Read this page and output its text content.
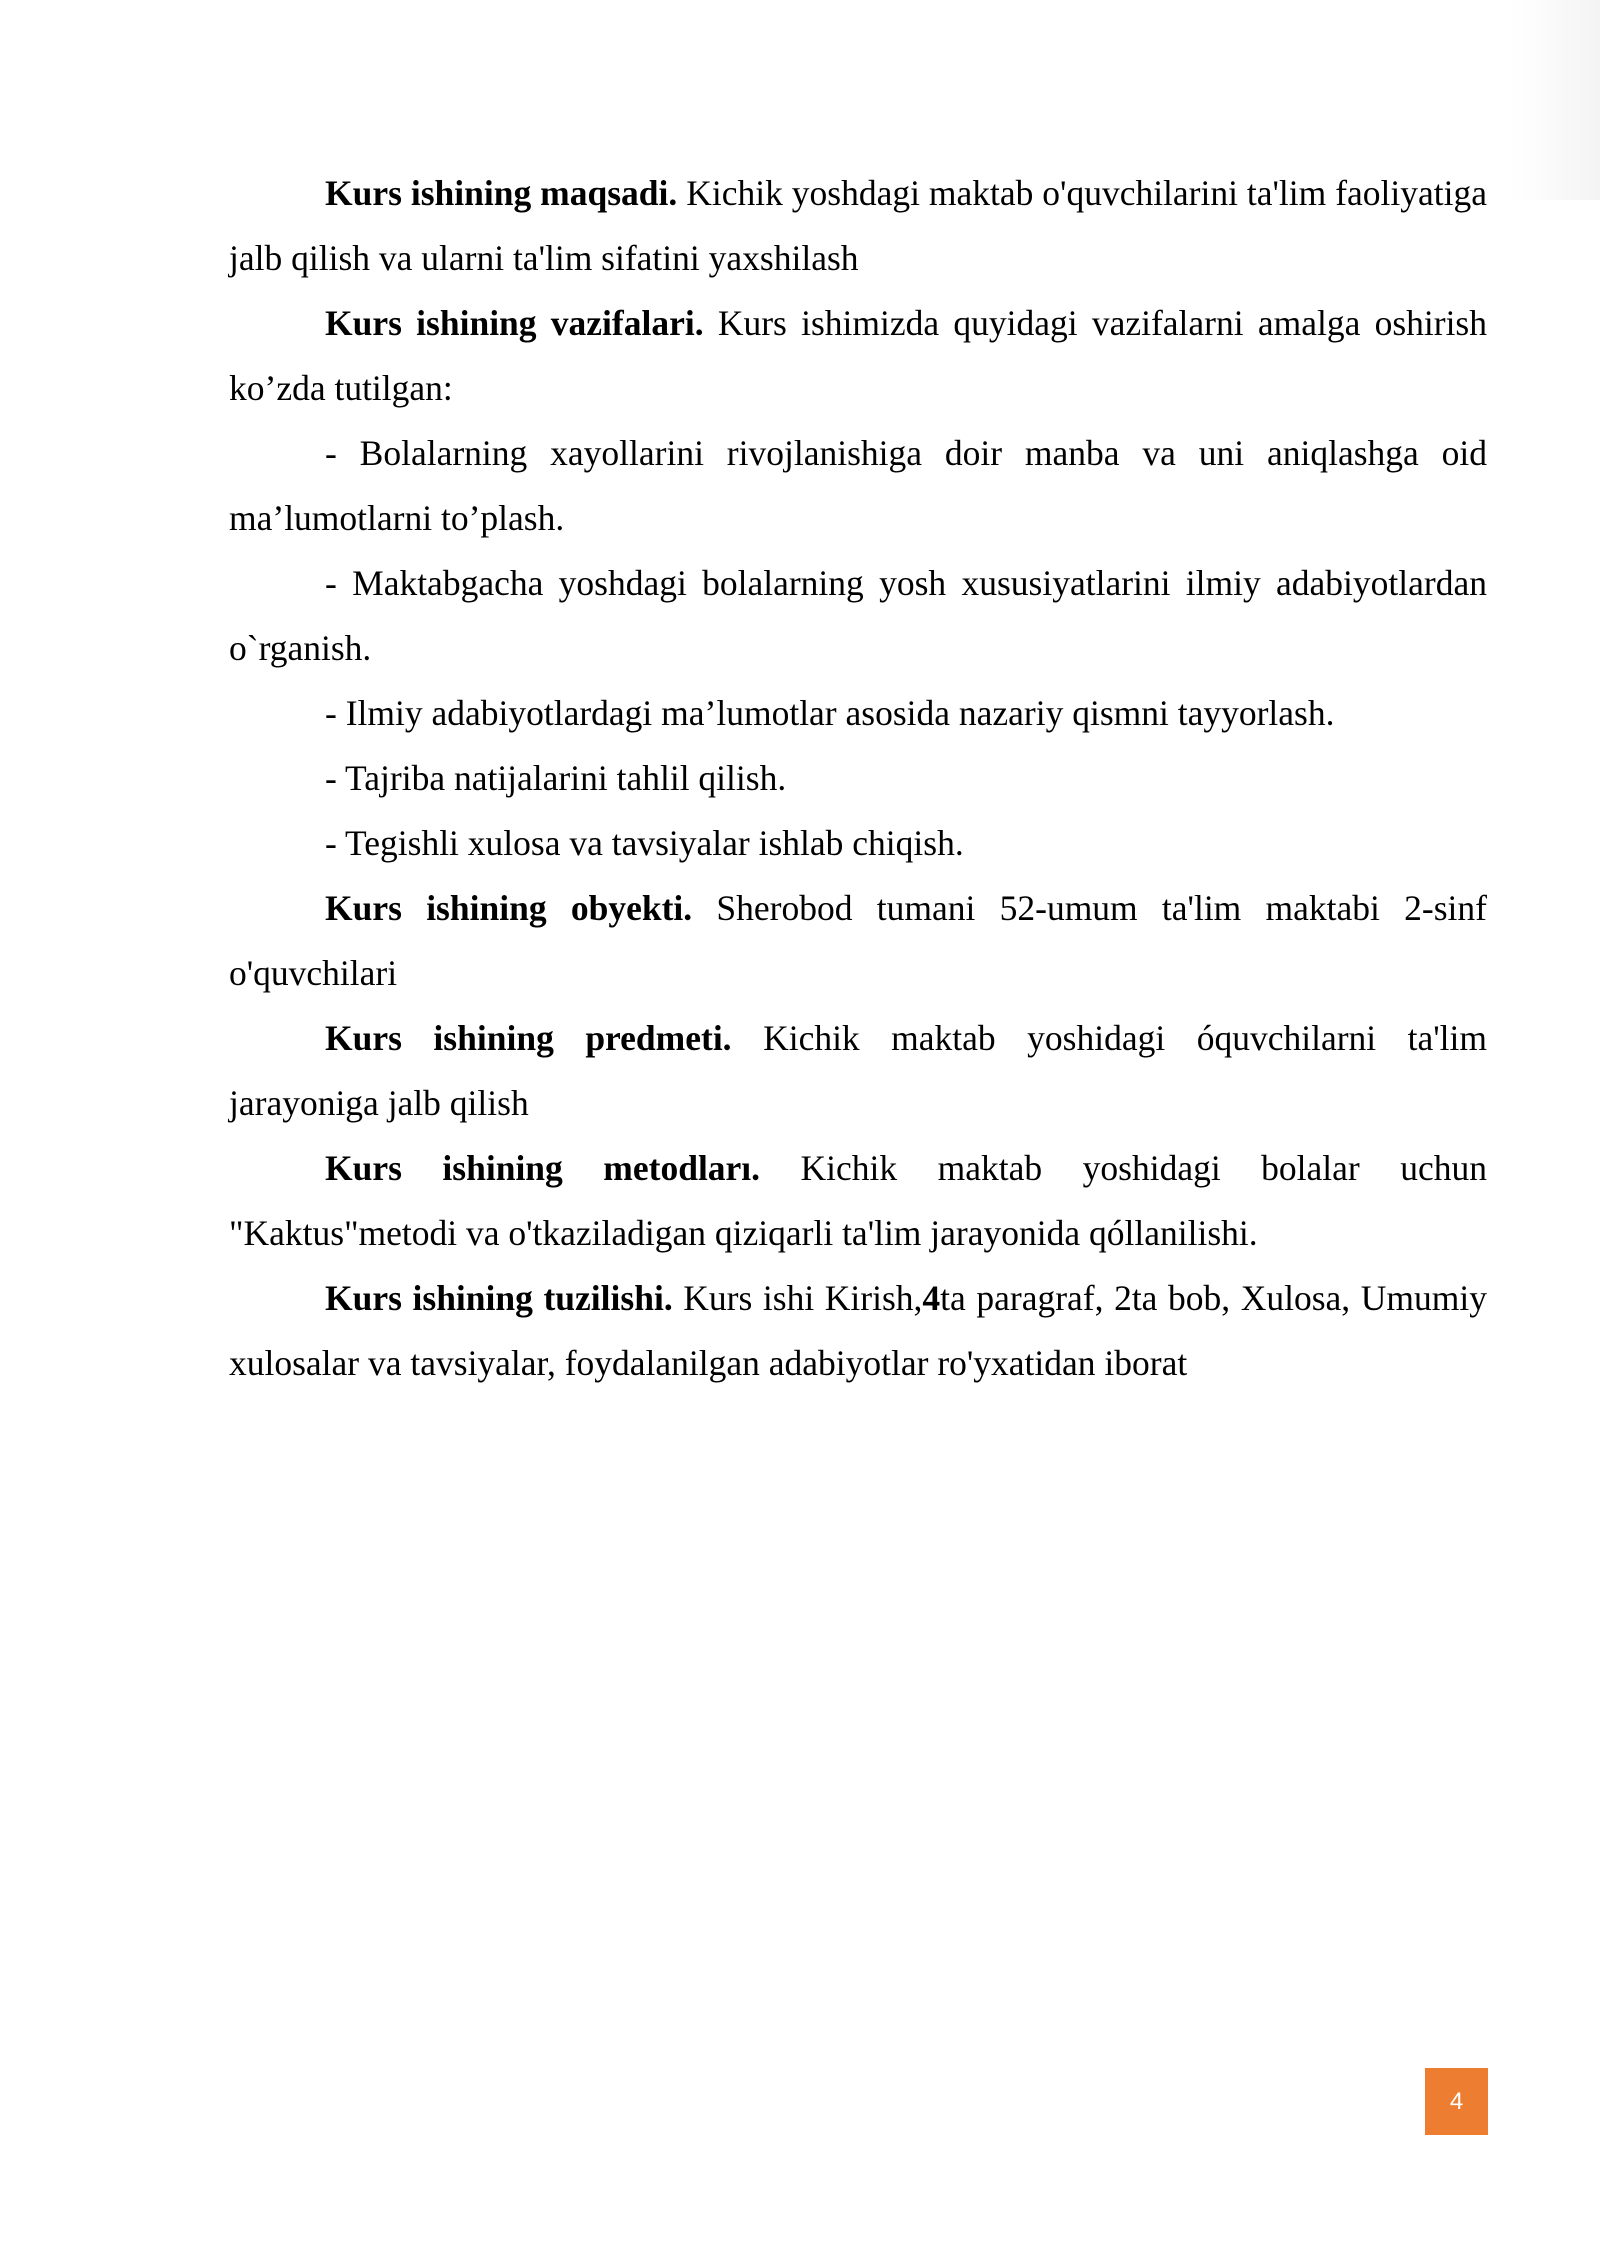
Kurs ishining maqsadi. Kichik yoshdagi maktab o'quvchilarini ta'lim faoliyatiga jalb qilish va ularni ta'lim sifatini yaxshilash

Kurs ishining vazifalari. Kurs ishimizda quyidagi vazifalarni amalga oshirish ko’zda tutilgan:

- Bolalarning xayollarini rivojlanishiga doir manba va uni aniqlashga oid ma’lumotlarni to’plash.

- Maktabgacha yoshdagi bolalarning yosh xususiyatlarini ilmiy adabiyotlardan o`rganish.

- Ilmiy adabiyotlardagi ma’lumotlar asosida nazariy qismni tayyorlash.

- Tajriba natijalarini tahlil qilish.

- Tegishli xulosa va tavsiyalar ishlab chiqish.

Kurs ishining obyekti. Sherobod tumani 52-umum ta'lim maktabi 2-sinf o'quvchilari

Kurs ishining predmeti. Kichik maktab yoshidagi óquvchilarni ta'lim jarayoniga jalb qilish

Kurs ishining metodları. Kichik maktab yoshidagi bolalar uchun "Kaktus"metodi va o'tkaziladigan qiziqarli ta'lim jarayonida qóllanilishi.

Kurs ishining tuzilishi. Kurs ishi Kirish,4ta paragraf, 2ta bob, Xulosa, Umumiy xulosalar va tavsiyalar, foydalanilgan adabiyotlar ro'yxatidan iborat

4
